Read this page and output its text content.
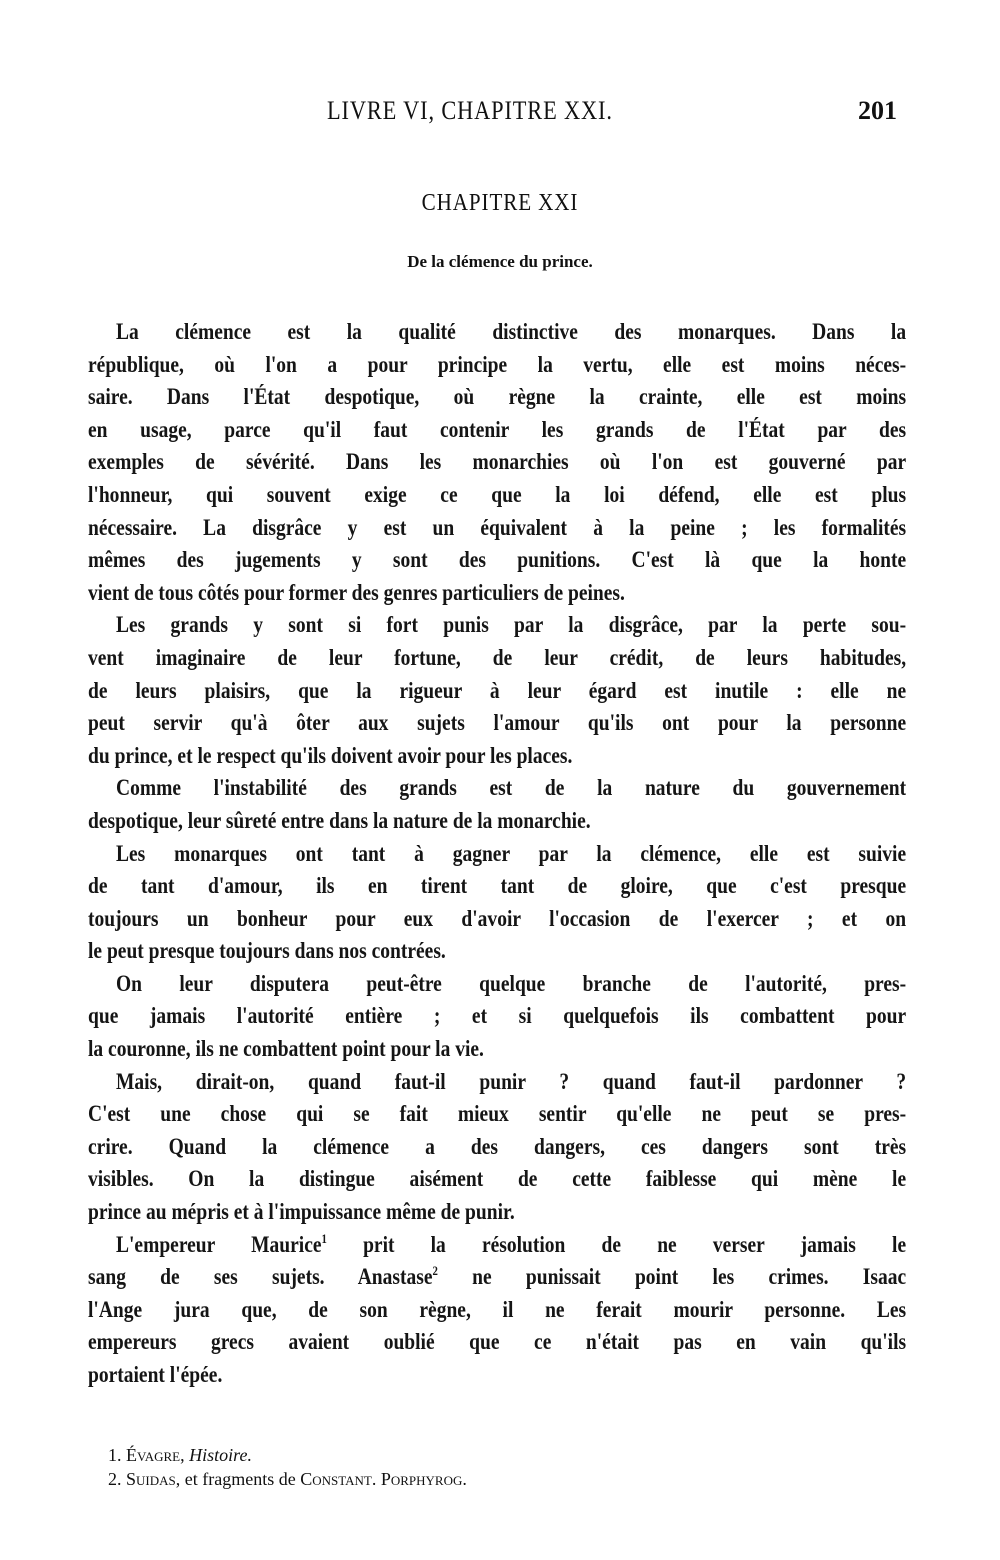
LIVRE VI, CHAPITRE XXI.	201
CHAPITRE XXI
De la clémence du prince.
La clémence est la qualité distinctive des monarques. Dans la
république, où l'on a pour principe la vertu, elle est moins néces-
saire. Dans l'État despotique, où règne la crainte, elle est moins
en usage, parce qu'il faut contenir les grands de l'État par des
exemples de sévérité. Dans les monarchies où l'on est gouverné par
l'honneur, qui souvent exige ce que la loi défend, elle est plus
nécessaire. La disgrâce y est un équivalent à la peine ; les formalités
mêmes des jugements y sont des punitions. C'est là que la honte
vient de tous côtés pour former des genres particuliers de peines.
Les grands y sont si fort punis par la disgrâce, par la perte sou-
vent imaginaire de leur fortune, de leur crédit, de leurs habitudes,
de leurs plaisirs, que la rigueur à leur égard est inutile : elle ne
peut servir qu'à ôter aux sujets l'amour qu'ils ont pour la personne
du prince, et le respect qu'ils doivent avoir pour les places.
Comme l'instabilité des grands est de la nature du gouvernement
despotique, leur sûreté entre dans la nature de la monarchie.
Les monarques ont tant à gagner par la clémence, elle est suivie
de tant d'amour, ils en tirent tant de gloire, que c'est presque
toujours un bonheur pour eux d'avoir l'occasion de l'exercer ; et on
le peut presque toujours dans nos contrées.
On leur disputera peut-être quelque branche de l'autorité, pres-
que jamais l'autorité entière ; et si quelquefois ils combattent pour
la couronne, ils ne combattent point pour la vie.
Mais, dirait-on, quand faut-il punir ? quand faut-il pardonner ?
C'est une chose qui se fait mieux sentir qu'elle ne peut se pres-
crire. Quand la clémence a des dangers, ces dangers sont très
visibles. On la distingue aisément de cette faiblesse qui mène le
prince au mépris et à l'impuissance même de punir.
L'empereur Maurice$^1$ prit la résolution de ne verser jamais le
sang de ses sujets. Anastase$^2$ ne punissait point les crimes. Isaac
l'Ange jura que, de son règne, il ne ferait mourir personne. Les
empereurs grecs avaient oublié que ce n'était pas en vain qu'ils
portaient l'épée.
1. Évagre, Histoire.
2. Suidas, et fragments de Constant. Porphyrog.
